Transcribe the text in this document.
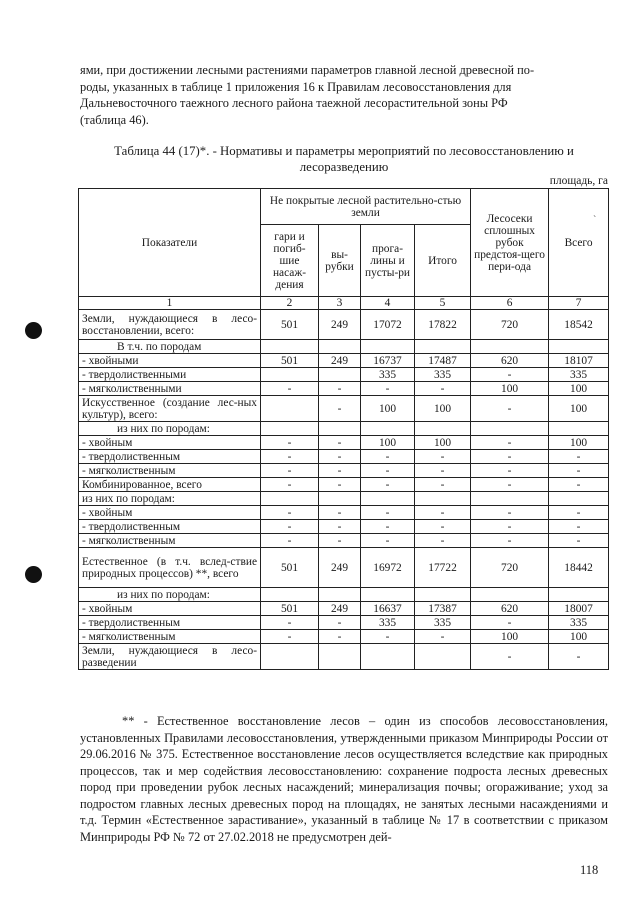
ями, при достижении лесными растениями параметров главной лесной древесной по-
роды, указанных в таблице 1 приложения 16 к Правилам лесовосстановления для
Дальневосточного таежного лесного района таежной лесорастительной зоны РФ
(таблица 46).
Таблица 44 (17)*. - Нормативы и параметры мероприятий по лесовосстановлению и
лесоразведению
площадь, га
Показатели	Не покрытые лесной растительно-стью земли				Лесосеки сплошных рубок предстоя-щего пери-ода	Всего
	гари и погиб-шие насаж-дения	вы-рубки	прога-лины и пусты-ри	Итого		
1	2	3	4	5	6	7
Земли, нуждающиеся в лесо-восстановлении, всего:	501	249	17072	17822	720	18542
В т.ч. по породам						
- хвойными	501	249	16737	17487	620	18107
- твердолиственными			335	335	-	335
- мягколиственными	-	-	-	-	100	100
Искусственное (создание лес-ных культур), всего:		-	100	100	-	100
из них по породам:						
- хвойным	-	-	100	100	-	100
- твердолиственным	-	-	-	-	-	-
- мягколиственным	-	-	-	-	-	-
Комбинированное, всего	-	-	-	-	-	-
из них по породам:						
- хвойным	-	-	-	-	-	-
- твердолиственным	-	-	-	-	-	-
- мягколиственным	-	-	-	-	-	-
Естественное (в т.ч. вслед-ствие природных процессов) **, всего	501	249	16972	17722	720	18442
из них по породам:						
- хвойным	501	249	16637	17387	620	18007
- твердолиственным	-	-	335	335	-	335
- мягколиственным	-	-	-	-	100	100
Земли, нуждающиеся в лесо-разведении					-	-
`
** - Естественное восстановление лесов – один из способов лесовосстановления, установленных Правилами лесовосстановления, утвержденными приказом Минприроды России от 29.06.2016 № 375. Естественное восстановление лесов осуществляется вследствие как природных процессов, так и мер содействия лесовосстановлению: сохранение подроста лесных древесных пород при проведении рубок лесных насаждений; минерализация почвы; огораживание; уход за подростом главных лесных древесных пород на площадях, не занятых лесными насаждениями и т.д. Термин «Естественное зарастивание», указанный в таблице № 17 в соответствии с приказом Минприроды РФ № 72 от 27.02.2018 не предусмотрен дей-
118
